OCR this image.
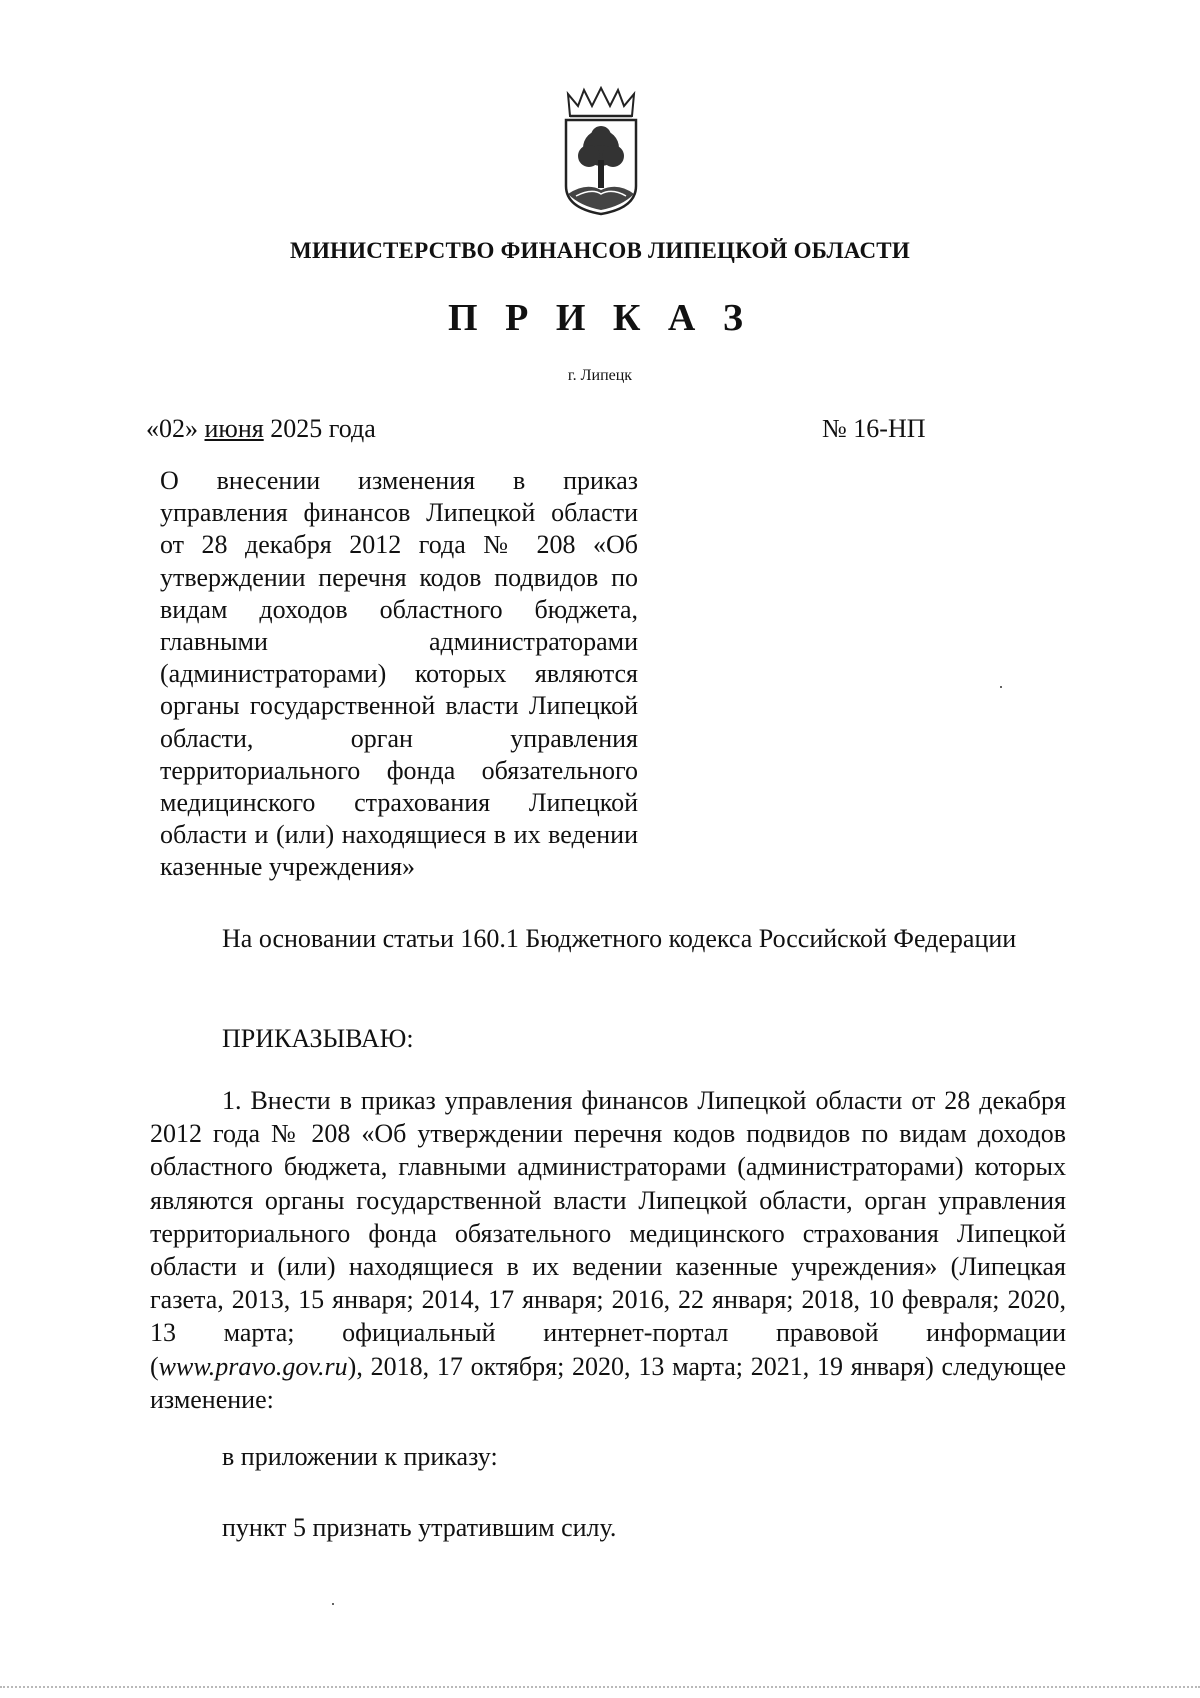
МИНИСТЕРСТВО ФИНАНСОВ ЛИПЕЦКОЙ ОБЛАСТИ
П Р И К А З
г. Липецк
«02» июня 2025 года	№ 16-НП
О внесении изменения в приказ управления финансов Липецкой области от 28 декабря 2012 года № 208 «Об утверждении перечня кодов подвидов по видам доходов областного бюджета, главными администраторами (администраторами) которых являются органы государственной власти Липецкой области, орган управления территориального фонда обязательного медицинского страхования Липецкой области и (или) находящиеся в их ведении казенные учреждения»
На основании статьи 160.1 Бюджетного кодекса Российской Федерации
ПРИКАЗЫВАЮ:
1. Внести в приказ управления финансов Липецкой области от 28 декабря 2012 года № 208 «Об утверждении перечня кодов подвидов по видам доходов областного бюджета, главными администраторами (администраторами) которых являются органы государственной власти Липецкой области, орган управления территориального фонда обязательного медицинского страхования Липецкой области и (или) находящиеся в их ведении казенные учреждения» (Липецкая газета, 2013, 15 января; 2014, 17 января; 2016, 22 января; 2018, 10 февраля; 2020, 13 марта; официальный интернет-портал правовой информации (www.pravo.gov.ru), 2018, 17 октября; 2020, 13 марта; 2021, 19 января) следующее изменение:
в приложении к приказу:
пункт 5 признать утратившим силу.
